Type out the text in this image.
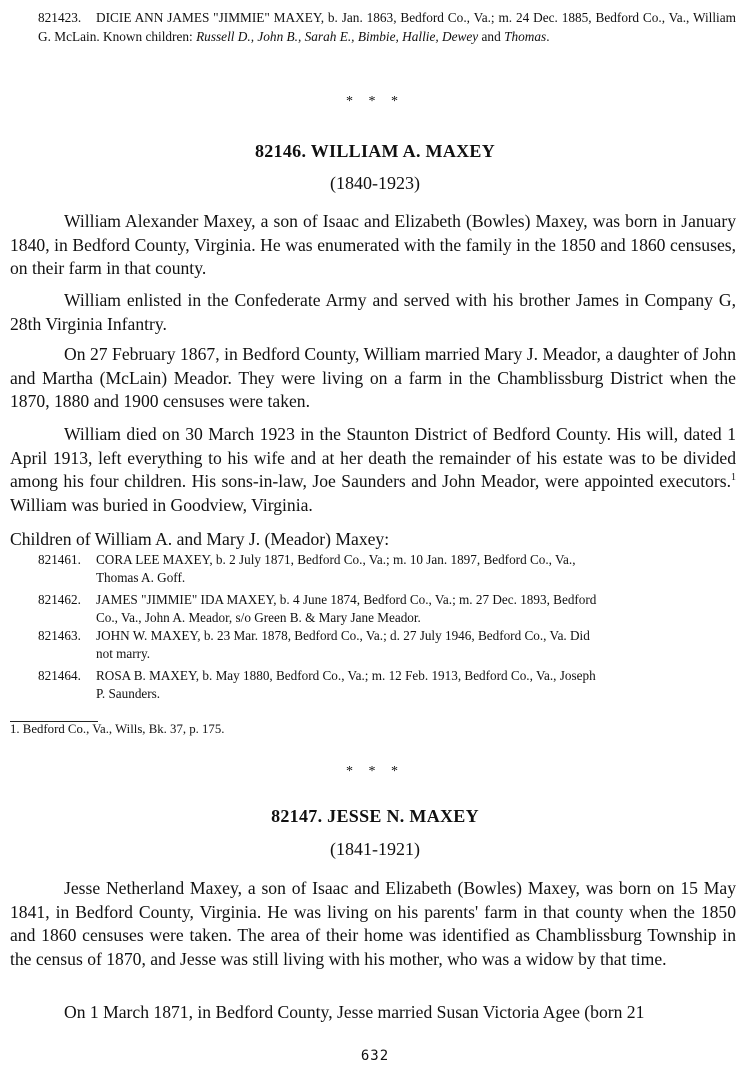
821423.	DICIE ANN JAMES "JIMMIE" MAXEY, b. Jan. 1863, Bedford Co., Va.; m. 24 Dec. 1885, Bedford Co., Va., William G. McLain. Known children: Russell D., John B., Sarah E., Bimbie, Hallie, Dewey and Thomas.
* * *
82146. WILLIAM A. MAXEY
(1840-1923)

William Alexander Maxey, a son of Isaac and Elizabeth (Bowles) Maxey, was born in January 1840, in Bedford County, Virginia. He was enumerated with the family in the 1850 and 1860 censuses, on their farm in that county.

William enlisted in the Confederate Army and served with his brother James in Company G, 28th Virginia Infantry.

On 27 February 1867, in Bedford County, William married Mary J. Meador, a daughter of John and Martha (McLain) Meador. They were living on a farm in the Chamblissburg District when the 1870, 1880 and 1900 censuses were taken.

William died on 30 March 1923 in the Staunton District of Bedford County. His will, dated 1 April 1913, left everything to his wife and at her death the remainder of his estate was to be divided among his four children. His sons-in-law, Joe Saunders and John Meador, were appointed executors.$^1$ William was buried in Goodview, Virginia.

Children of William A. and Mary J. (Meador) Maxey:

821461. CORA LEE MAXEY, b. 2 July 1871, Bedford Co., Va.; m. 10 Jan. 1897, Bedford Co., Va.,
Thomas A. Goff.
821462. JAMES "JIMMIE" IDA MAXEY, b. 4 June 1874, Bedford Co., Va.; m. 27 Dec. 1893, Bedford
Co., Va., John A. Meador, s/o Green B. & Mary Jane Meador.
821463. JOHN W. MAXEY, b. 23 Mar. 1878, Bedford Co., Va.; d. 27 July 1946, Bedford Co., Va. Did
not marry.
821464. ROSA B. MAXEY, b. May 1880, Bedford Co., Va.; m. 12 Feb. 1913, Bedford Co., Va., Joseph
P. Saunders.
1. Bedford Co., Va., Wills, Bk. 37, p. 175.
* * *
82147. JESSE N. MAXEY
(1841-1921)

Jesse Netherland Maxey, a son of Isaac and Elizabeth (Bowles) Maxey, was born on 15 May 1841, in Bedford County, Virginia. He was living on his parents' farm in that county when the 1850 and 1860 censuses were taken. The area of their home was identified as Chamblissburg Township in the census of 1870, and Jesse was still living with his mother, who was a widow by that time.

On 1 March 1871, in Bedford County, Jesse married Susan Victoria Agee (born 21

632
